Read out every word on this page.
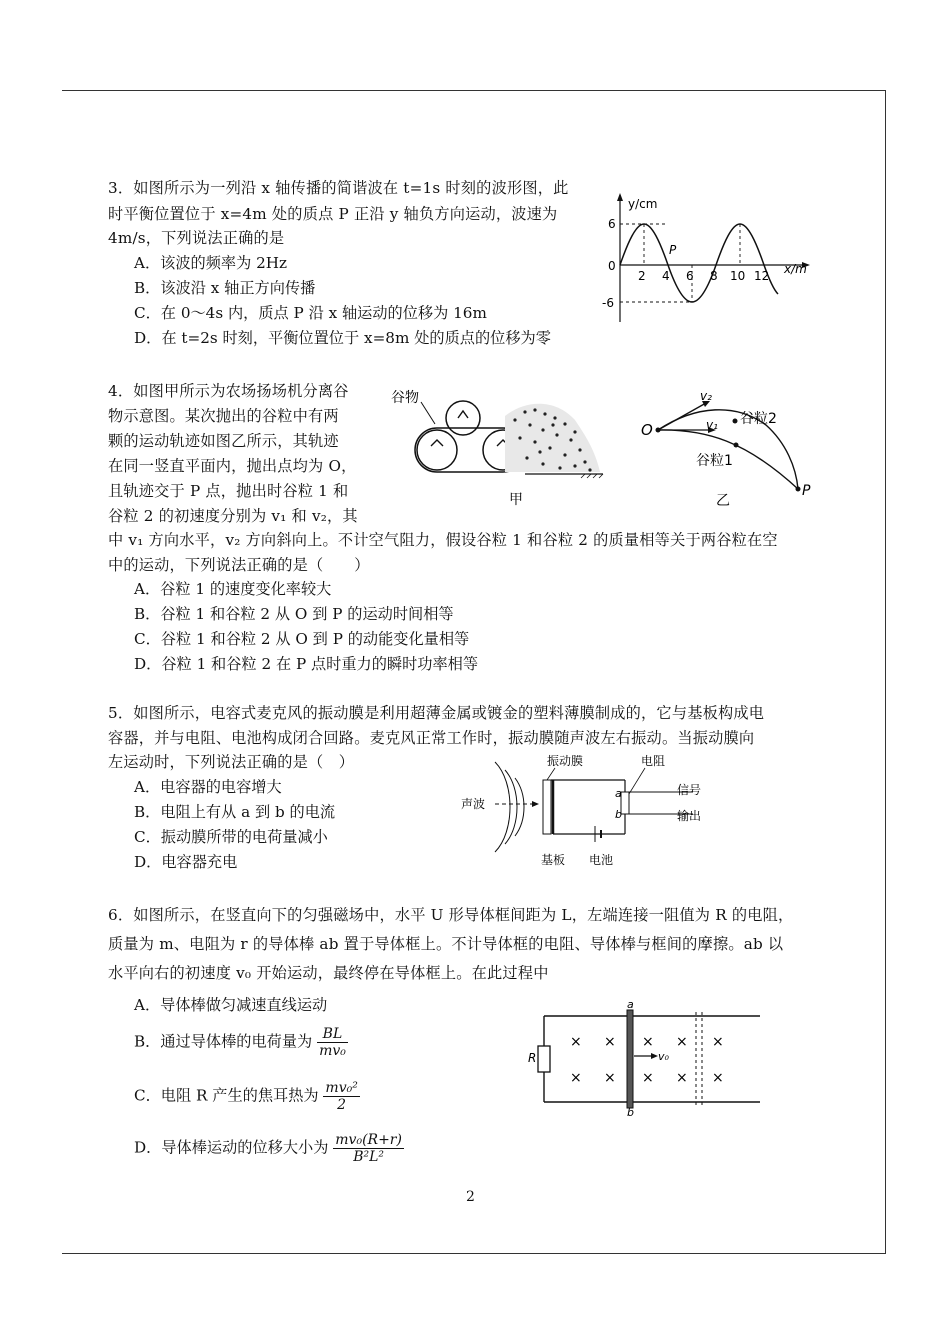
3．如图所示为一列沿 x 轴传播的简谐波在 t=1s 时刻的波形图，此
时平衡位置位于 x=4m 处的质点 P 正沿 y 轴负方向运动，波速为
4m/s，下列说法正确的是
A．该波的频率为 2Hz
B．该波沿 x 轴正方向传播
C．在 0～4s 内，质点 P 沿 x 轴运动的位移为 16m
D．在 t=2s 时刻，平衡位置位于 x=8m 处的质点的位移为零
y/cm
x/m
6
0
-6
2 4 6 8 10 12
P
4．如图甲所示为农场扬场机分离谷
物示意图。某次抛出的谷粒中有两
颗的运动轨迹如图乙所示，其轨迹
在同一竖直平面内，抛出点均为 O，
且轨迹交于 P 点，抛出时谷粒 1 和
谷粒 2 的初速度分别为 v₁ 和 v₂，其
中 v₁ 方向水平，v₂ 方向斜向上。不计空气阻力，假设谷粒 1 和谷粒 2 的质量相等关于两谷粒在空
中的运动，下列说法正确的是（　　）
A．谷粒 1 的速度变化率较大
B．谷粒 1 和谷粒 2 从 O 到 P 的运动时间相等
C．谷粒 1 和谷粒 2 从 O 到 P 的动能变化量相等
D．谷粒 1 和谷粒 2 在 P 点时重力的瞬时功率相等
谷物
甲
O
v₂
v₁ 谷粒2
谷粒1
P
乙
5．如图所示，电容式麦克风的振动膜是利用超薄金属或镀金的塑料薄膜制成的，它与基板构成电
容器，并与电阻、电池构成闭合回路。麦克风正常工作时，振动膜随声波左右振动。当振动膜向
左运动时，下列说法正确的是（　）
A．电容器的电容增大
B．电阻上有从 a 到 b 的电流
C．振动膜所带的电荷量减小
D．电容器充电
声波
a
b
振动膜	电阻
信号
输出
基板 电池
6．如图所示，在竖直向下的匀强磁场中，水平 U 形导体框间距为 L，左端连接一阻值为 R 的电阻，
质量为 m、电阻为 r 的导体棒 ab 置于导体框上。不计导体框的电阻、导体棒与框间的摩擦。ab 以
水平向右的初速度 v₀ 开始运动，最终停在导体框上。在此过程中
A．导体棒做匀减速直线运动
B．通过导体棒的电荷量为 $\frac{BL}{\text{mv₀}}$
C．电阻 R 产生的焦耳热为 $\frac{\text{mv₀²}}{2}$
D．导体棒运动的位移大小为 $\frac{\text{mv₀(R+r)}}{\text{B²L²}}$
R
a
b
v₀
× × × × ×
× × × × ×
2
